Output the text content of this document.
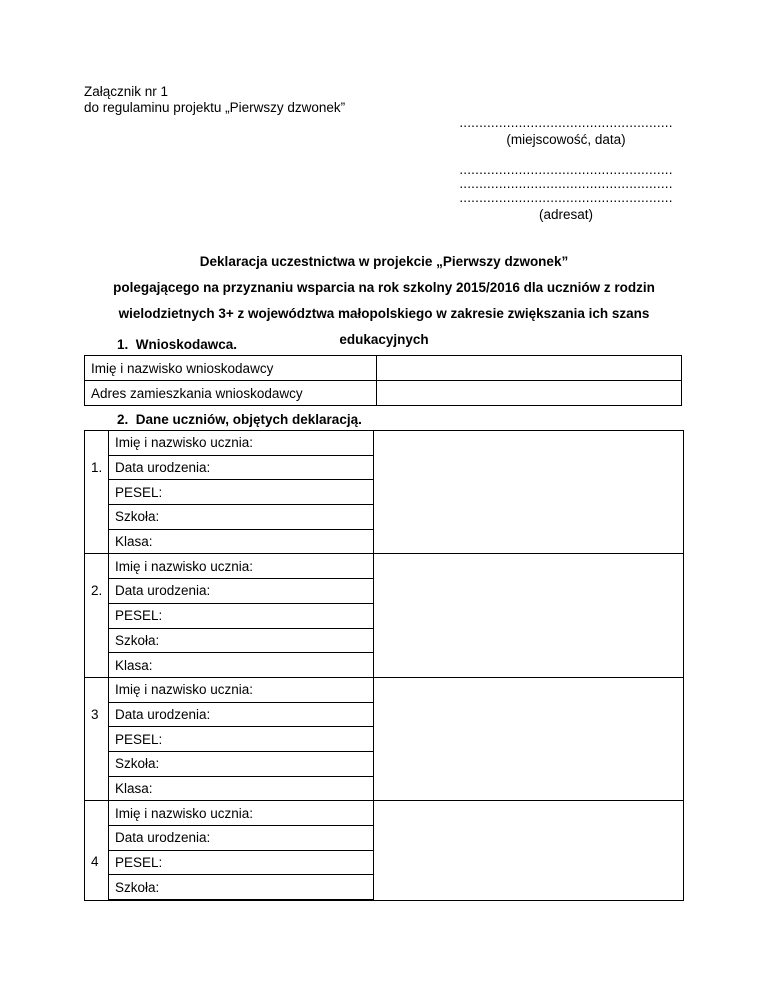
Załącznik nr 1
do regulaminu projektu „Pierwszy dzwonek”
......................................................
(miejscowość, data)
......................................................
......................................................
......................................................
(adresat)
Deklaracja uczestnictwa w projekcie „Pierwszy dzwonek”
polegającego na przyznaniu wsparcia na rok szkolny 2015/2016 dla uczniów z rodzin
wielodzietnych 3+ z województwa małopolskiego w zakresie zwiększania ich szans
edukacyjnych
1.  Wnioskodawca.
Imię i nazwisko wnioskodawcy	
Adres zamieszkania wnioskodawcy	
2.  Dane uczniów, objętych deklaracją.
1.	Imię i nazwisko ucznia:	
	Data urodzenia:	
	PESEL:	
	Szkoła:	
	Klasa:	

2.	Imię i nazwisko ucznia:	
	Data urodzenia:	
	PESEL:	
	Szkoła:	
	Klasa:	

3	Imię i nazwisko ucznia:	
	Data urodzenia:	
	PESEL:	
	Szkoła:	
	Klasa:	

4	Imię i nazwisko ucznia:	
	Data urodzenia:	
	PESEL:	
	Szkoła:	
